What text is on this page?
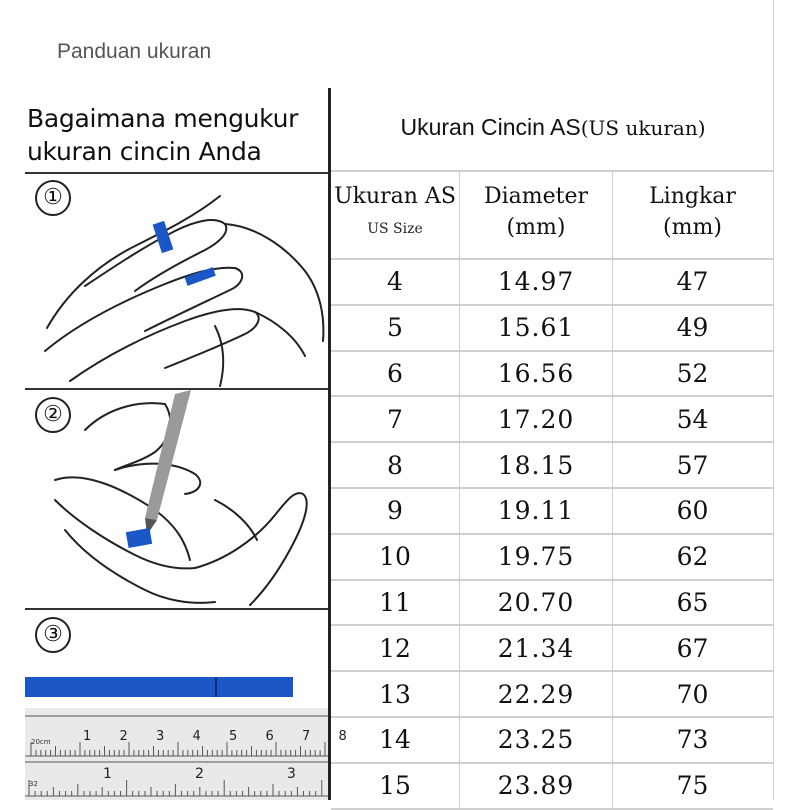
Panduan ukuran
Bagaimana mengukur
ukuran cincin Anda
①
②
③
20cm 1 2 3 4 5 6 7 8
32
1	2	3
Ukuran Cincin AS(US ukuran)
Ukuran AS
US Size
Diameter
(mm)
Lingkar
(mm)
4	14.97	47
5	15.61	49
6	16.56	52
7	17.20	54
8	18.15	57
9	19.11	60
10	19.75	62
11	20.70	65
12	21.34	67
13	22.29	70
14	23.25	73
15	23.89	75
